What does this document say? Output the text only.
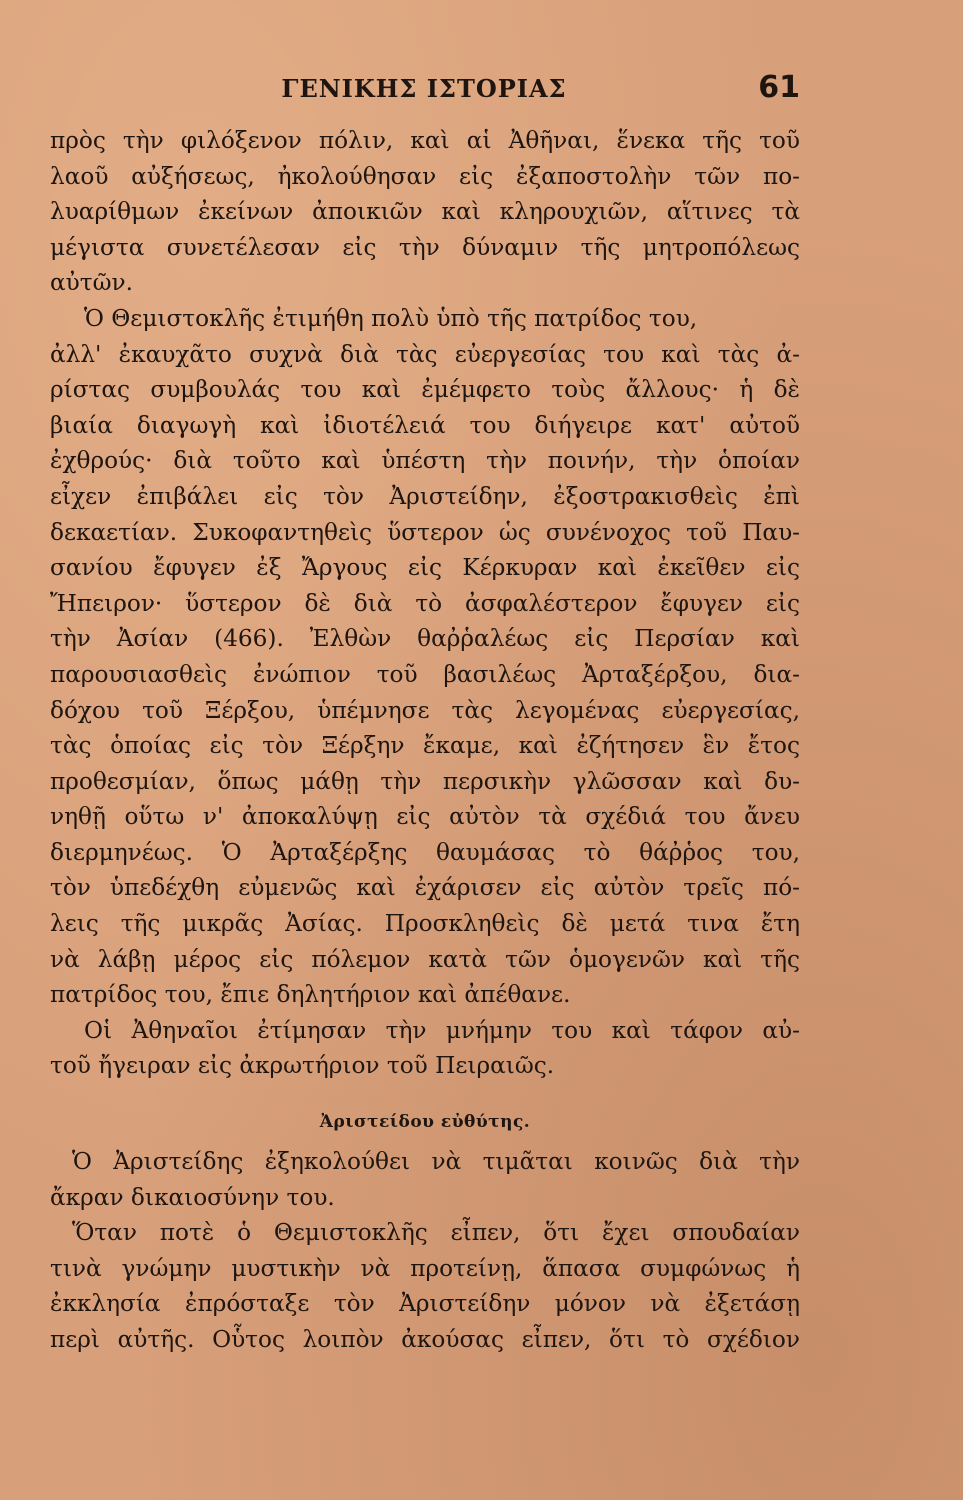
ΓΕΝΙΚΗΣ ΙΣΤΟΡΙΑΣ	61
πρὸς τὴν φιλόξενον πόλιν, καὶ αἱ Ἀθῆναι, ἕνεκα τῆς τοῦ
λαοῦ αὐξήσεως, ἠκολούθησαν εἰς ἐξαποστολὴν τῶν πο-
λυαρίθμων ἐκείνων ἀποικιῶν καὶ κληρουχιῶν, αἵτινες τὰ
μέγιστα συνετέλεσαν εἰς τὴν δύναμιν τῆς μητροπόλεως
αὐτῶν.
Ὁ Θεμιστοκλῆς ἐτιμήθη πολὺ ὑπὸ τῆς πατρίδος του,
ἀλλ' ἐκαυχᾶτο συχνὰ διὰ τὰς εὐεργεσίας του καὶ τὰς ἀ-
ρίστας συμβουλάς του καὶ ἐμέμφετο τοὺς ἄλλους· ἡ δὲ
βιαία διαγωγὴ καὶ ἰδιοτέλειά του διήγειρε κατ' αὐτοῦ
ἐχθρούς· διὰ τοῦτο καὶ ὑπέστη τὴν ποινήν, τὴν ὁποίαν
εἶχεν ἐπιβάλει εἰς τὸν Ἀριστείδην, ἐξοστρακισθεὶς ἐπὶ
δεκαετίαν. Συκοφαντηθεὶς ὕστερον ὡς συνένοχος τοῦ Παυ-
σανίου ἔφυγεν ἐξ Ἄργους εἰς Κέρκυραν καὶ ἐκεῖθεν εἰς
Ἤπειρον· ὕστερον δὲ διὰ τὸ ἀσφαλέστερον ἔφυγεν εἰς
τὴν Ἀσίαν (466). Ἐλθὼν θαῤῥαλέως εἰς Περσίαν καὶ
παρουσιασθεὶς ἐνώπιον τοῦ βασιλέως Ἀρταξέρξου, δια-
δόχου τοῦ Ξέρξου, ὑπέμνησε τὰς λεγομένας εὐεργεσίας,
τὰς ὁποίας εἰς τὸν Ξέρξην ἔκαμε, καὶ ἐζήτησεν ἓν ἔτος
προθεσμίαν, ὅπως μάθῃ τὴν περσικὴν γλῶσσαν καὶ δυ-
νηθῇ οὕτω ν' ἀποκαλύψῃ εἰς αὐτὸν τὰ σχέδιά του ἄνευ
διερμηνέως. Ὁ Ἀρταξέρξης θαυμάσας τὸ θάῤῥος του,
τὸν ὑπεδέχθη εὐμενῶς καὶ ἐχάρισεν εἰς αὐτὸν τρεῖς πό-
λεις τῆς μικρᾶς Ἀσίας. Προσκληθεὶς δὲ μετά τινα ἔτη
νὰ λάβῃ μέρος εἰς πόλεμον κατὰ τῶν ὁμογενῶν καὶ τῆς
πατρίδος του, ἔπιε δηλητήριον καὶ ἀπέθανε.
Οἱ Ἀθηναῖοι ἐτίμησαν τὴν μνήμην του καὶ τάφον αὐ-
τοῦ ἤγειραν εἰς ἀκρωτήριον τοῦ Πειραιῶς.
Ἀριστείδου εὐθύτης.
Ὁ Ἀριστείδης ἐξηκολούθει νὰ τιμᾶται κοινῶς διὰ τὴν
ἄκραν δικαιοσύνην του.
Ὅταν ποτὲ ὁ Θεμιστοκλῆς εἶπεν, ὅτι ἔχει σπουδαίαν
τινὰ γνώμην μυστικὴν νὰ προτείνῃ, ἅπασα συμφώνως ἡ
ἐκκλησία ἐπρόσταξε τὸν Ἀριστείδην μόνον νὰ ἐξετάσῃ
περὶ αὐτῆς. Οὗτος λοιπὸν ἀκούσας εἶπεν, ὅτι τὸ σχέδιον
